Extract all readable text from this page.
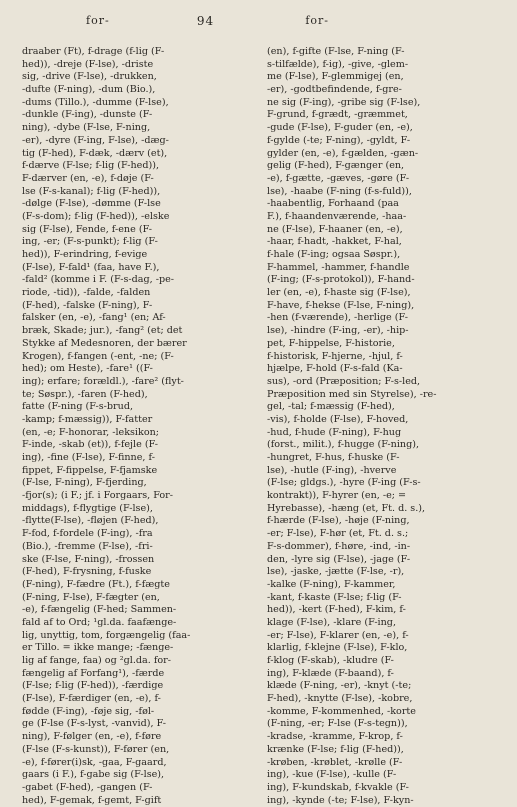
for-	94	for-
draaber (Ft), f-drage (f-lig (F-
hed)), -dreje (F-lse), -driste
sig, -drive (F-lse), -drukken,
-dufte (F-ning), -dum (Bio.),
-dums (Tillo.), -dumme (F-lse),
-dunkle (F-ing), -dunste (F-
ning), -dybe (F-lse, F-ning,
-er), -dyre (F-ing, F-lse), -dæg-
tig (F-hed), F-dæk, -dærv (et),
f-dærve (F-lse; f-lig (F-hed)),
F-dærver (en, -e), f-døje (F-
lse (F-s-kanal); f-lig (F-hed)),
-dølge (F-lse), -dømme (F-lse
(F-s-dom); f-lig (F-hed)), -elske
sig (F-lse), Fende, f-ene (F-
ing, -er; (F-s-punkt); f-lig (F-
hed)), F-erindring, f-evige
(F-lse), F-fald¹ (faa, have F.),
-fald² (komme i F. (F-s-dag, -pe-
riode, -tid)), -falde, -falden
(F-hed), -falske (F-ning), F-
falsker (en, -e), -fang¹ (en; Af-
bræk, Skade; jur.), -fang² (et; det
Stykke af Medesnoren, der bærer
Krogen), f-fangen (-ent, -ne; (F-
hed); om Heste), -fare¹ ((F-
ing); erfare; forældl.), -fare² (flyt-
te; Søspr.), -faren (F-hed),
fatte (F-ning (F-s-brud,
-kamp; f-mæssig)), F-fatter
(en, -e; F-honorar, -leksikon;
F-inde, -skab (et)), f-fejle (F-
ing), -fine (F-lse), F-finne, f-
fippet, F-fippelse, F-fjamske
(F-lse, F-ning), F-fjerding,
-fjor(s); (i F.; jf. i Forgaars, For-
middags), f-flygtige (F-lse),
-flytte(F-lse), -fløjen (F-hed),
F-fod, f-fordele (F-ing), -fra
(Bio.), -fremme (F-lse), -fri-
ske (F-lse, F-ning), -frossen
(F-hed), F-frysning, f-fuske
(F-ning), F-fædre (Ft.), f-fægte
(F-ning, F-lse), F-fægter (en,
-e), f-fængelig (F-hed; Sammen-
fald af to Ord; ¹gl.da. faafænge-
lig, unyttig, tom, forgængelig (faa-
er Tillo. = ikke mange; -fænge-
lig af fange, faa) og ²gl.da. for-
fængelig af Forfang¹), -færde
(F-lse; f-lig (F-hed)), -færdige
(F-lse), F-færdiger (en, -e), f-
fødde (F-ing), -føje sig, -føl-
ge (F-lse (F-s-lyst, -vanvid), F-
ning), F-følger (en, -e), f-føre
(F-lse (F-s-kunst)), F-fører (en,
-e), f-fører(i)sk, -gaa, F-gaard,
gaars (i F.), f-gabe sig (F-lse),
-gabet (F-hed), -gangen (F-
hed), F-gemak, f-gemt, F-gift
(en), f-gifte (F-lse, F-ning (F-
s-tilfælde), f-ig), -give, -glem-
me (F-lse), F-glemmigej (en,
-er), -godtbefindende, f-gre-
ne sig (F-ing), -gribe sig (F-lse),
F-grund, f-grædt, -græmmet,
-gude (F-lse), F-guder (en, -e),
f-gylde (-te; F-ning), -gyldt, F-
gylder (en, -e), f-gælden, -gæn-
gelig (F-hed), F-gænger (en,
-e), f-gætte, -gæves, -gøre (F-
lse), -haabe (F-ning (f-s-fuld)),
-haabentlig, Forhaand (paa
F.), f-haandenværende, -haa-
ne (F-lse), F-haaner (en, -e),
-haar, f-hadt, -hakket, F-hal,
f-hale (F-ing; ogsaa Søspr.),
F-hammel, -hammer, f-handle
(F-ing; (F-s-protokol)), F-hand-
ler (en, -e), f-haste sig (F-lse),
F-have, f-hekse (F-lse, F-ning),
-hen (f-værende), -herlige (F-
lse), -hindre (F-ing, -er), -hip-
pet, F-hippelse, F-historie,
f-historisk, F-hjerne, -hjul, f-
hjælpe, F-hold (F-s-fald (Ka-
sus), -ord (Præposition; F-s-led,
Præposition med sin Styrelse), -re-
gel, -tal; f-mæssig (F-hed),
-vis), f-holde (F-lse), F-hoved,
-hud, f-hude (F-ning), F-hug
(forst., milit.), f-hugge (F-ning),
-hungret, F-hus, f-huske (F-
lse), -hutle (F-ing), -hverve
(F-lse; gldgs.), -hyre (F-ing (F-s-
kontrakt)), F-hyrer (en, -e; =
Hyrebasse), -hæng (et, Ft. d. s.),
f-hærde (F-lse), -høje (F-ning,
-er; F-lse), F-hør (et, Ft. d. s.;
F-s-dommer), f-høre, -ind, -in-
den, -lyre sig (F-lse), -jage (F-
lse), -jaske, -jætte (F-lse, -r),
-kalke (F-ning), F-kammer,
-kant, f-kaste (F-lse; f-lig (F-
hed)), -kert (F-hed), F-kim, f-
klage (F-lse), -klare (F-ing,
-er; F-lse), F-klarer (en, -e), f-
klarlig, f-klejne (F-lse), F-klo,
f-klog (F-skab), -kludre (F-
ing), F-klæde (F-baand), f-
klæde (F-ning, -er), -knyt (-te;
F-hed), -knytte (F-lse), -kobre,
-komme, F-kommenhed, -korte
(F-ning, -er; F-lse (F-s-tegn)),
-kradse, -kramme, F-krop, f-
krænke (F-lse; f-lig (F-hed)),
-krøben, -krøblet, -krølle (F-
ing), -kue (F-lse), -kulle (F-
ing), F-kundskab, f-kvakle (F-
ing), -kynde (-te; F-lse), F-kyn-
